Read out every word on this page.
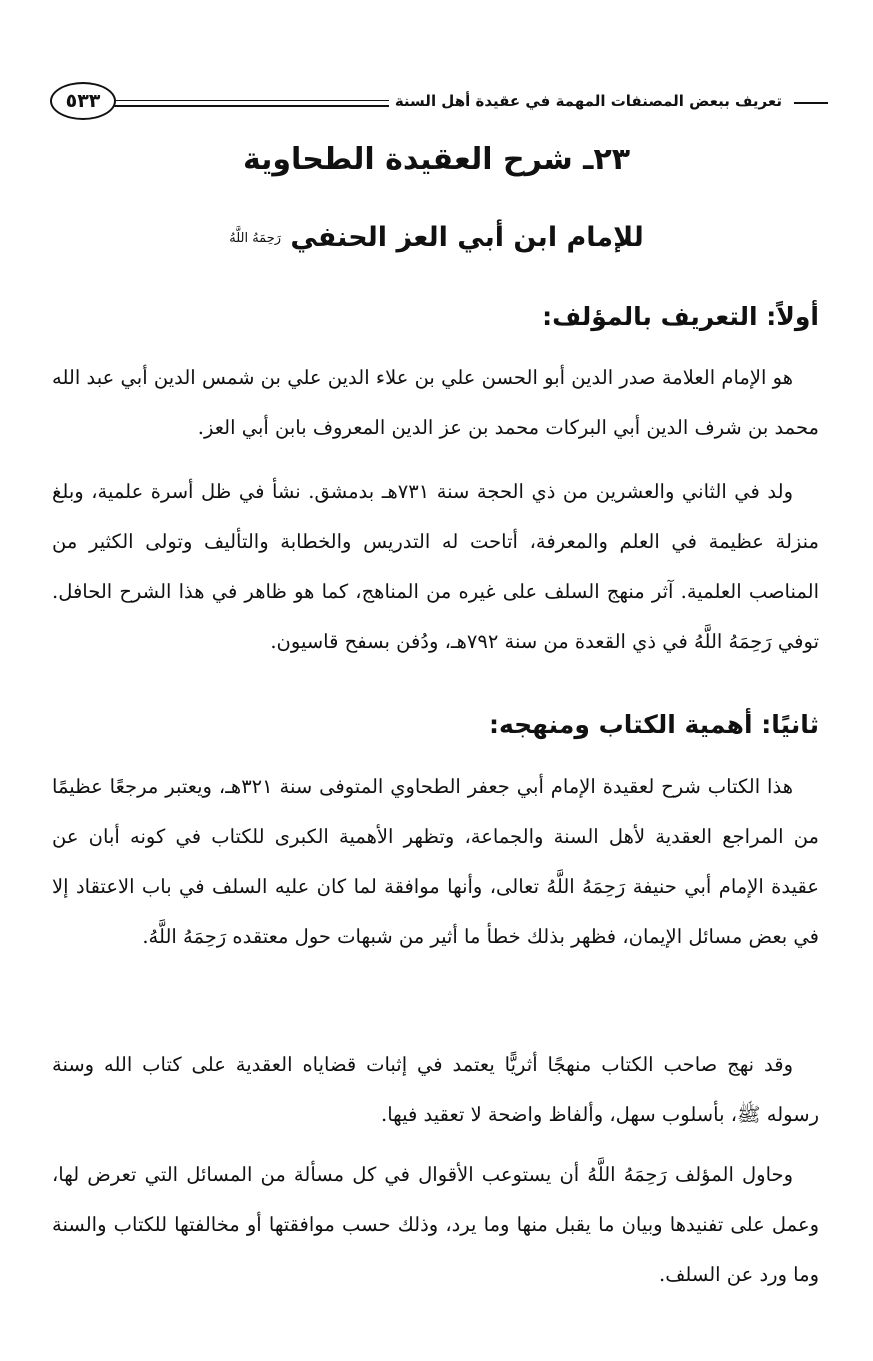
تعريف ببعض المصنفات المهمة في عقيدة أهل السنة
٥٣٣
٢٣ـ شرح العقيدة الطحاوية
للإمام ابن أبي العز الحنفي رَحِمَهُ اللَّهُ
أولاً: التعريف بالمؤلف:

هو الإمام العلامة صدر الدين أبو الحسن علي بن علاء الدين علي بن شمس الدين أبي عبد الله محمد بن شرف الدين أبي البركات محمد بن عز الدين المعروف بابن أبي العز.

ولد في الثاني والعشرين من ذي الحجة سنة ٧٣١هـ بدمشق. نشأ في ظل أسرة علمية، وبلغ منزلة عظيمة في العلم والمعرفة، أتاحت له التدريس والخطابة والتأليف وتولى الكثير من المناصب العلمية. آثر منهج السلف على غيره من المناهج، كما هو ظاهر في هذا الشرح الحافل. توفي رَحِمَهُ اللَّهُ في ذي القعدة من سنة ٧٩٢هـ، ودُفن بسفح قاسيون.

ثانيًا: أهمية الكتاب ومنهجه:

هذا الكتاب شرح لعقيدة الإمام أبي جعفر الطحاوي المتوفى سنة ٣٢١هـ، ويعتبر مرجعًا عظيمًا من المراجع العقدية لأهل السنة والجماعة، وتظهر الأهمية الكبرى للكتاب في كونه أبان عن عقيدة الإمام أبي حنيفة رَحِمَهُ اللَّهُ تعالى، وأنها موافقة لما كان عليه السلف في باب الاعتقاد إلا في بعض مسائل الإيمان، فظهر بذلك خطأ ما أثير من شبهات حول معتقده رَحِمَهُ اللَّهُ.

وقد نهج صاحب الكتاب منهجًا أثريًّا يعتمد في إثبات قضاياه العقدية على كتاب الله وسنة رسوله ﷺ، بأسلوب سهل، وألفاظ واضحة لا تعقيد فيها.

وحاول المؤلف رَحِمَهُ اللَّهُ أن يستوعب الأقوال في كل مسألة من المسائل التي تعرض لها، وعمل على تفنيدها وبيان ما يقبل منها وما يرد، وذلك حسب موافقتها أو مخالفتها للكتاب والسنة وما ورد عن السلف.
